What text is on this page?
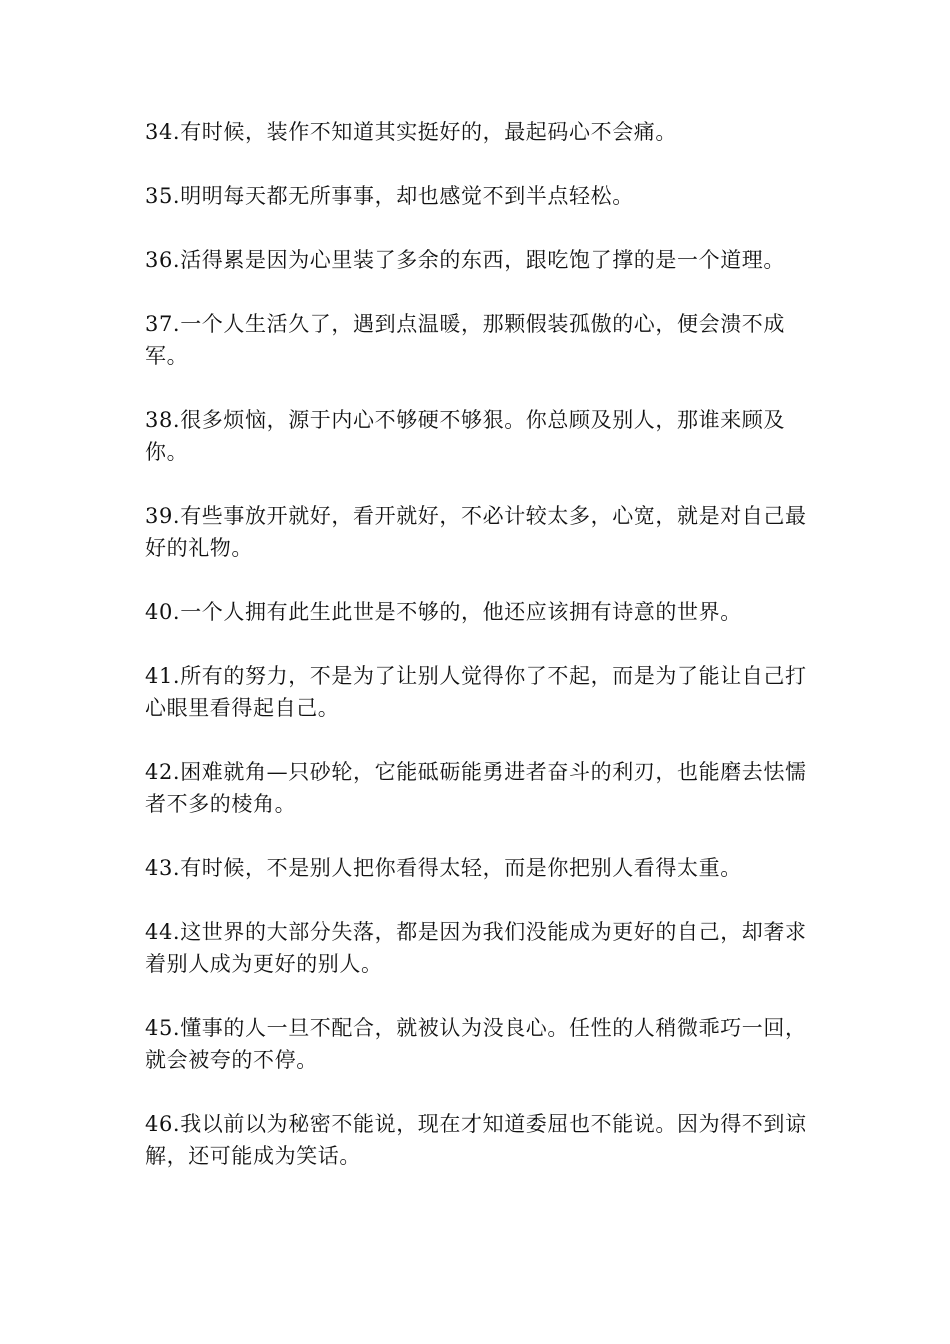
34.有时候，装作不知道其实挺好的，最起码心不会痛。

35.明明每天都无所事事，却也感觉不到半点轻松。

36.活得累是因为心里装了多余的东西，跟吃饱了撑的是一个道理。

37.一个人生活久了，遇到点温暖，那颗假装孤傲的心，便会溃不成军。

38.很多烦恼，源于内心不够硬不够狠。你总顾及别人，那谁来顾及你。

39.有些事放开就好，看开就好，不必计较太多，心宽，就是对自己最好的礼物。

40.一个人拥有此生此世是不够的，他还应该拥有诗意的世界。

41.所有的努力，不是为了让别人觉得你了不起，而是为了能让自己打心眼里看得起自己。

42.困难就角—只砂轮，它能砥砺能勇进者奋斗的利刃，也能磨去怯懦者不多的棱角。

43.有时候，不是别人把你看得太轻，而是你把别人看得太重。

44.这世界的大部分失落，都是因为我们没能成为更好的自己，却奢求着别人成为更好的别人。

45.懂事的人一旦不配合，就被认为没良心。任性的人稍微乖巧一回，就会被夸的不停。

46.我以前以为秘密不能说，现在才知道委屈也不能说。因为得不到谅解，还可能成为笑话。
